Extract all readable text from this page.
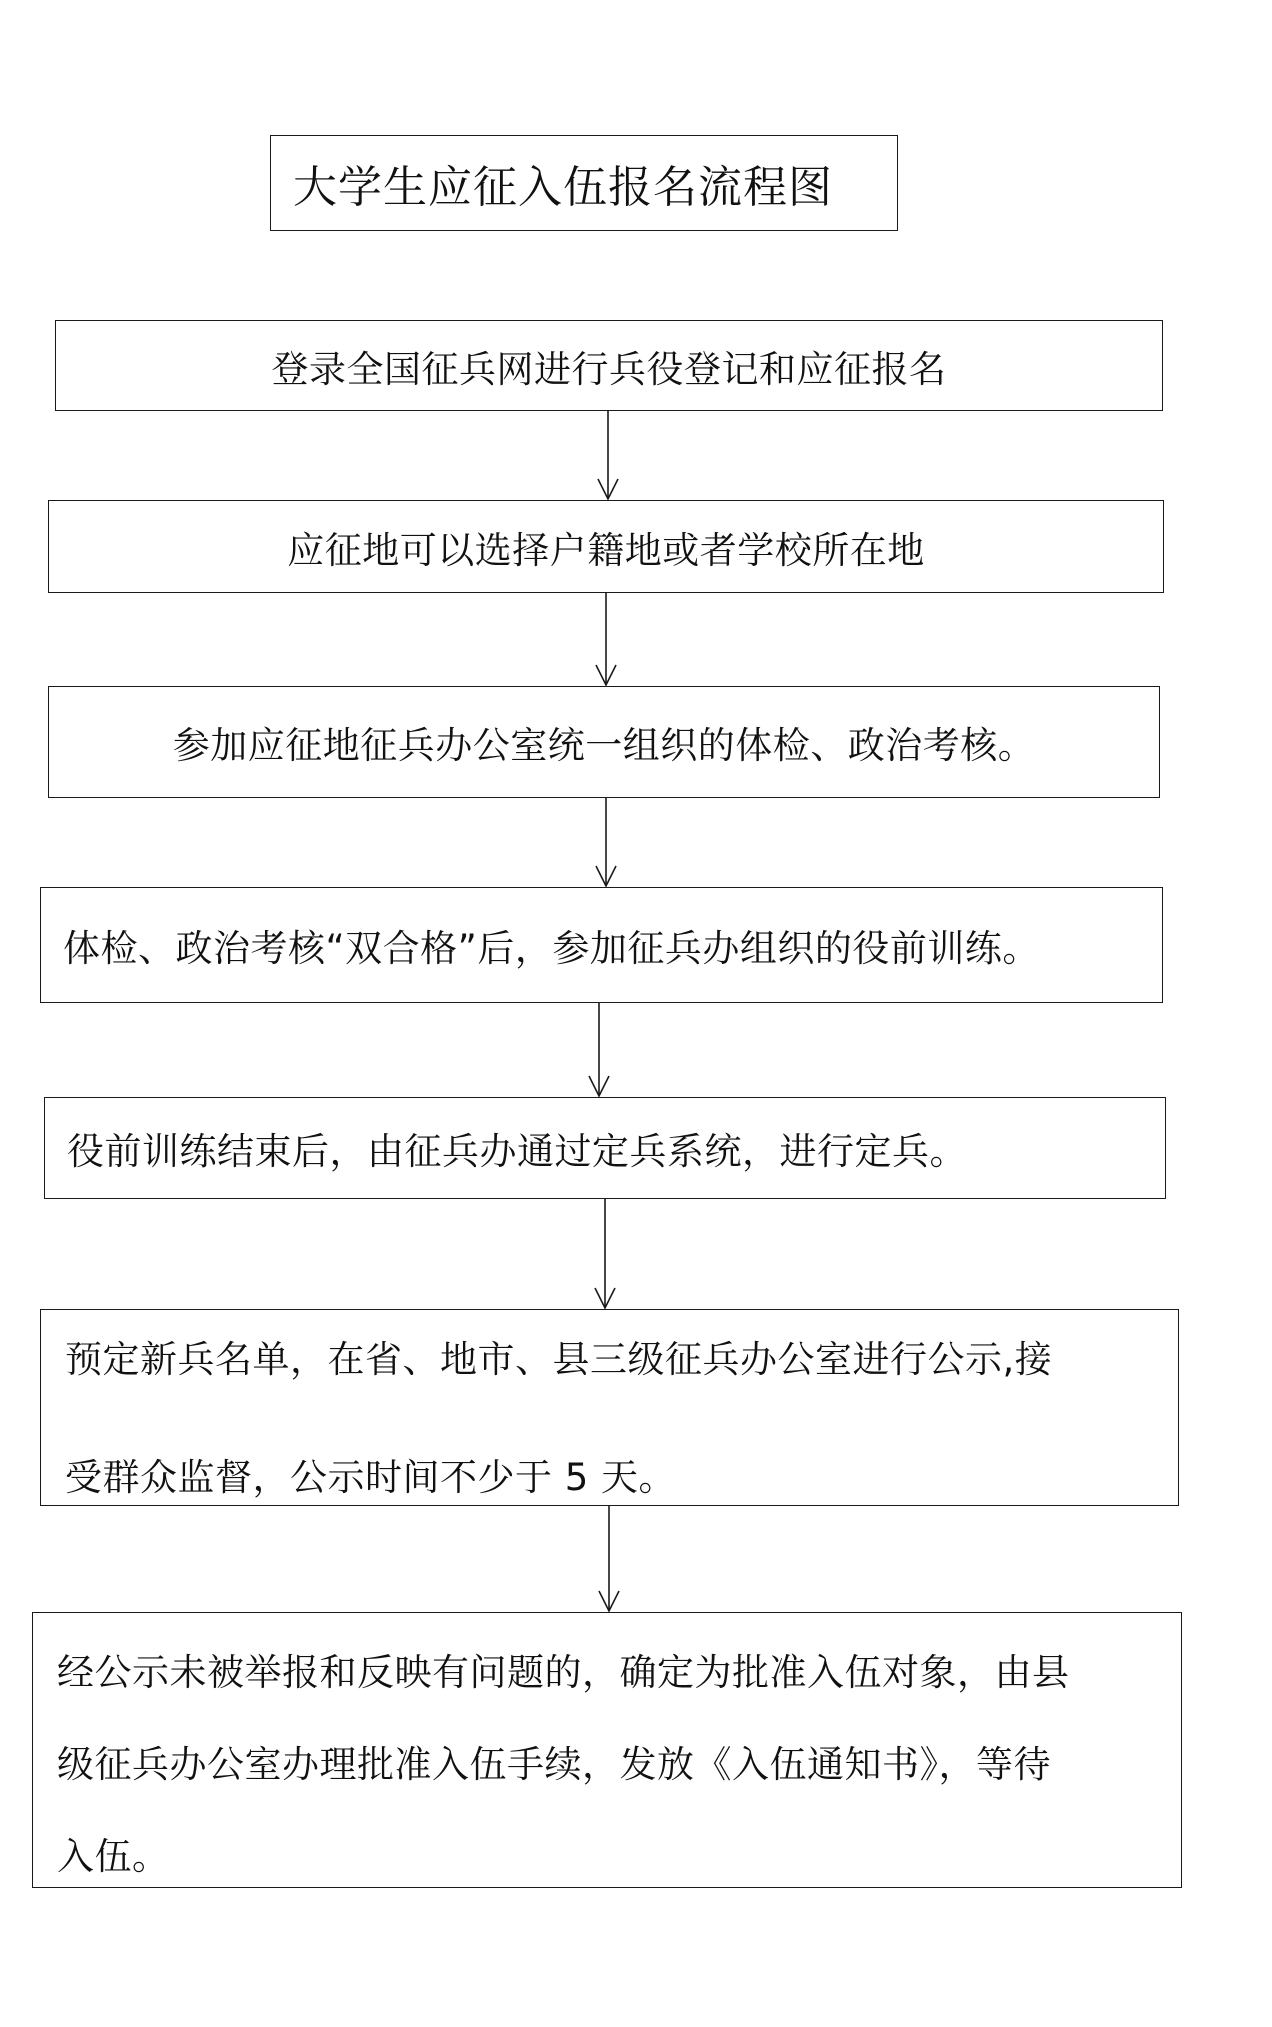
大学生应征入伍报名流程图

登录全国征兵网进行兵役登记和应征报名

应征地可以选择户籍地或者学校所在地

参加应征地征兵办公室统一组织的体检、政治考核。

体检、政治考核“双合格”后，参加征兵办组织的役前训练。

役前训练结束后，由征兵办通过定兵系统，进行定兵。

预定新兵名单，在省、地市、县三级征兵办公室进行公示,接
受群众监督，公示时间不少于 5 天。
经公示未被举报和反映有问题的，确定为批准入伍对象，由县
级征兵办公室办理批准入伍手续，发放《入伍通知书》，等待
入伍。
